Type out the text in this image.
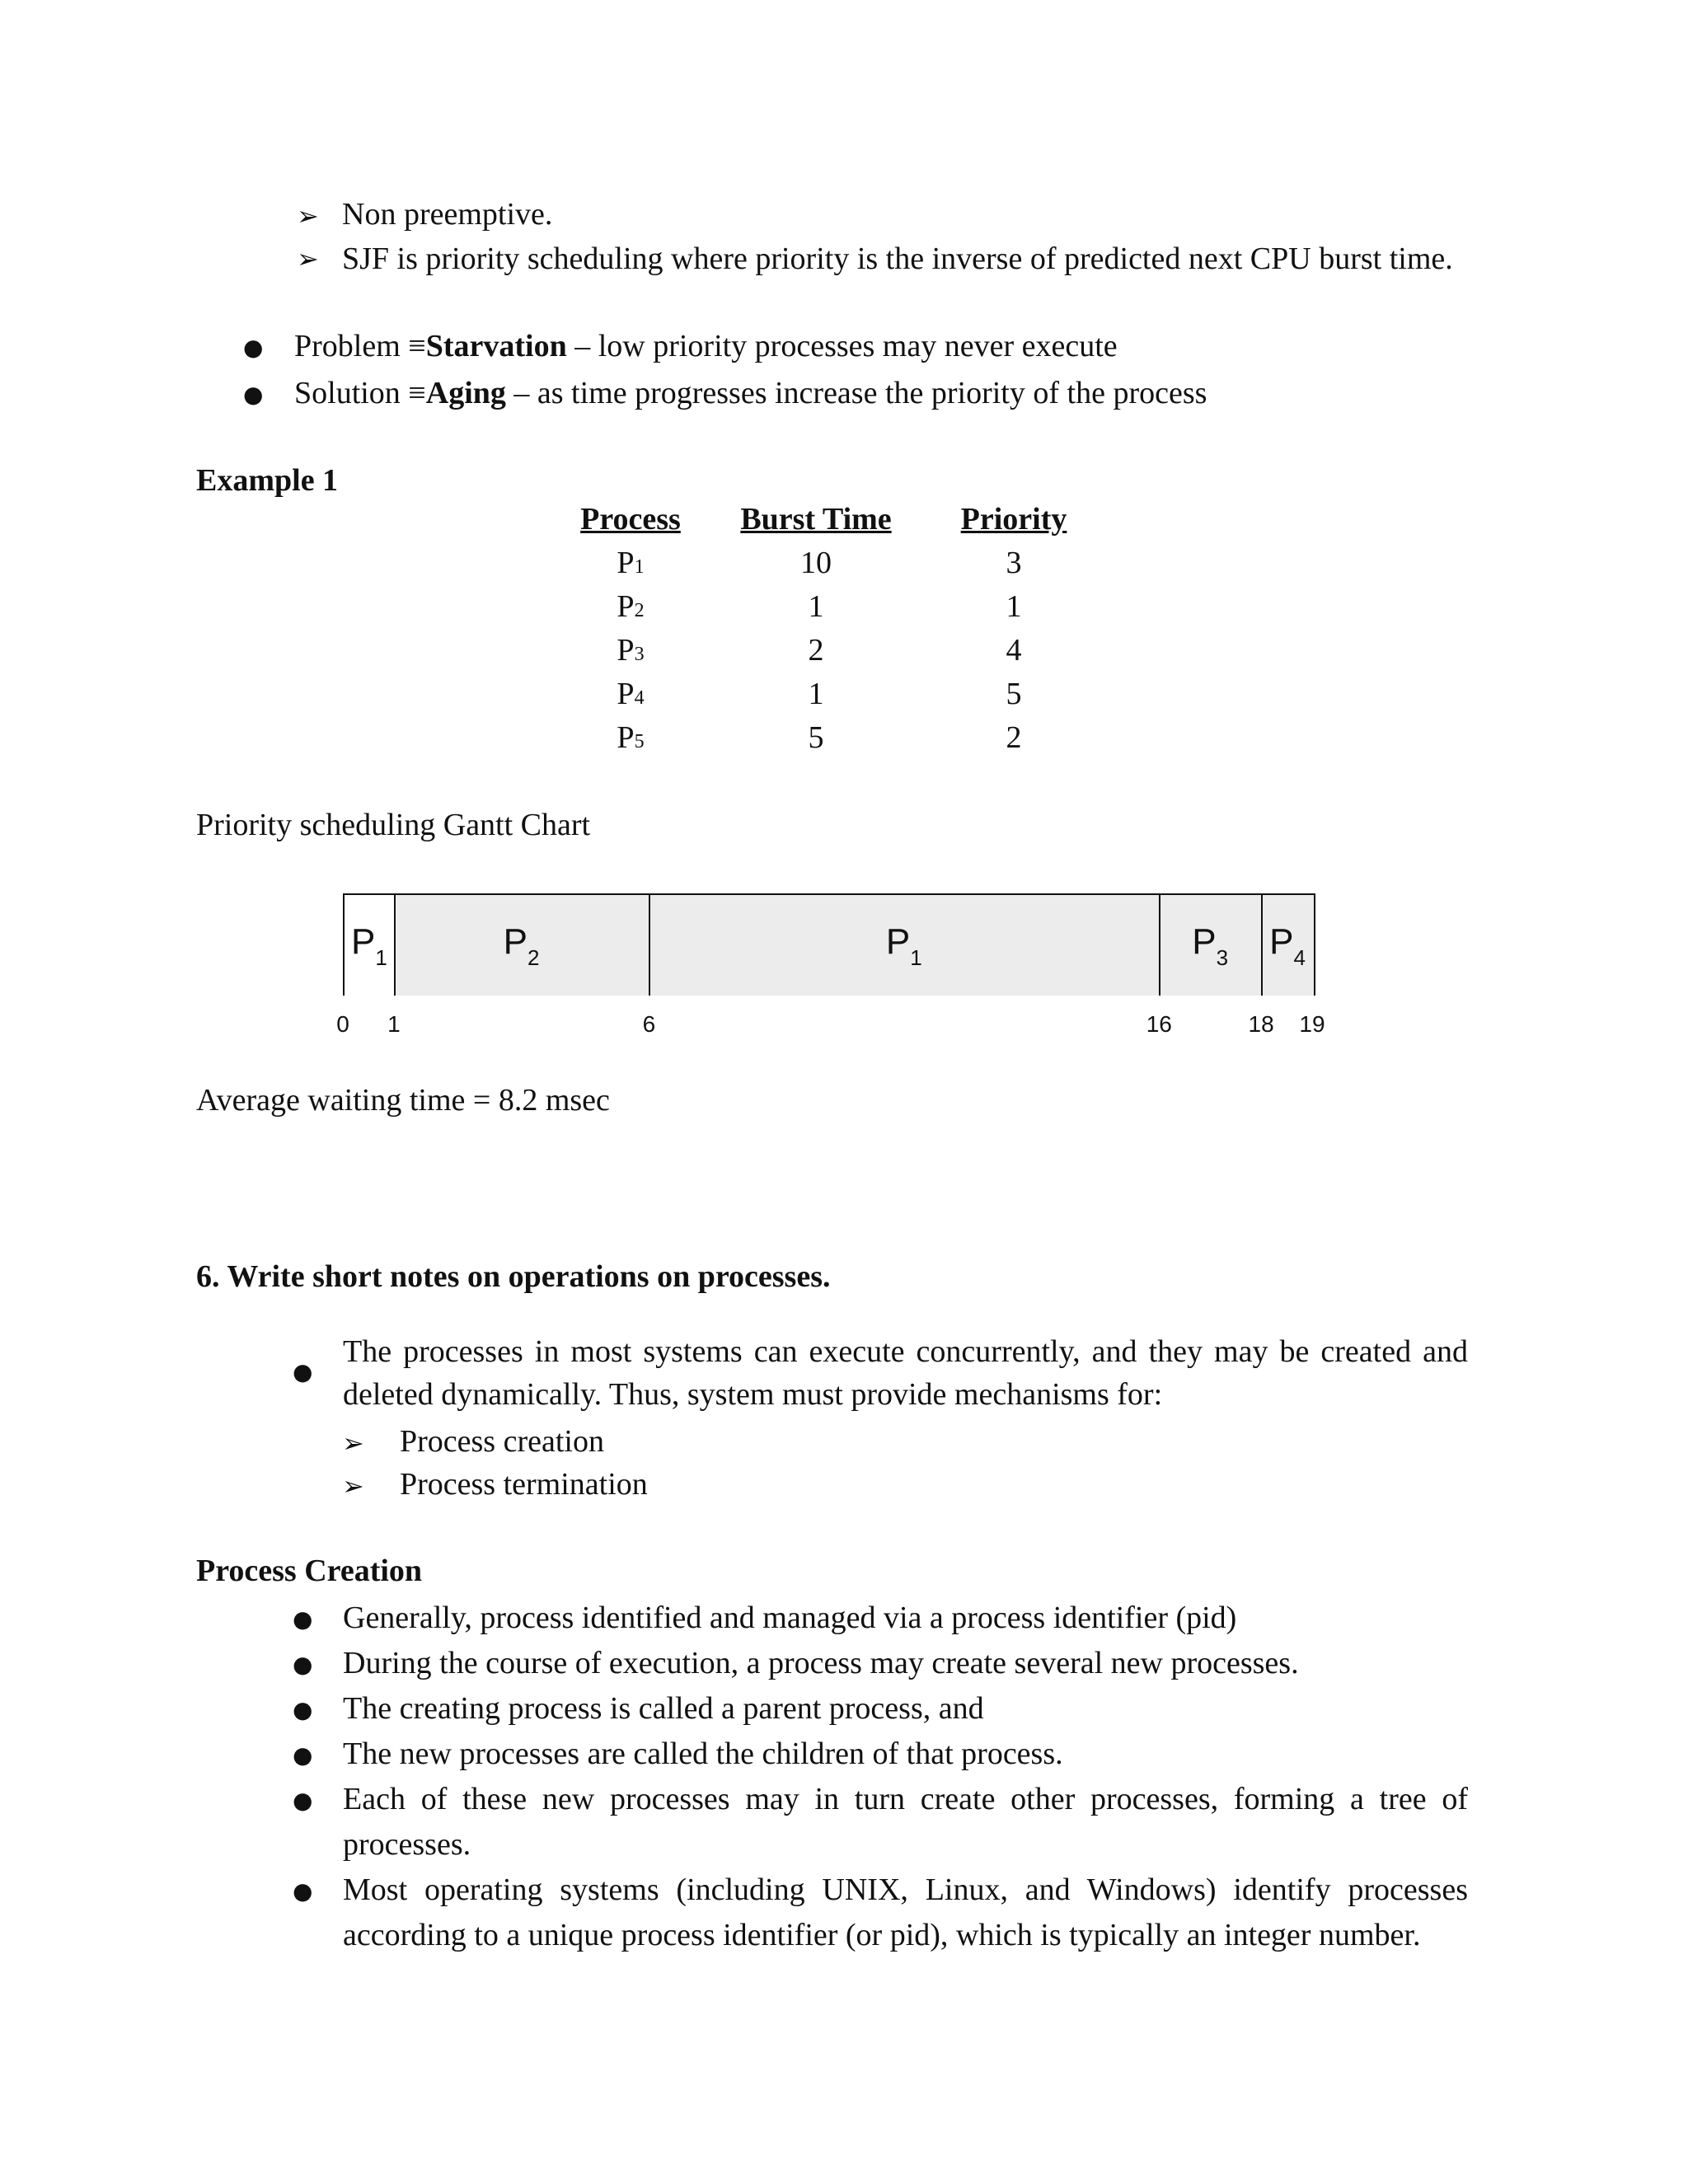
➢ Non preemptive.
➢ SJF is priority scheduling where priority is the inverse of predicted next CPU burst time.
● Problem ≡Starvation – low priority processes may never execute
● Solution ≡Aging – as time progresses increase the priority of the process
Example 1
Process	Burst Time	Priority
P1	10	3
P2	1	1
P3	2	4
P4	1	5
P5	5	2
Priority scheduling Gantt Chart
$P_1$	$P_2$	$P_1$	$P_3$ $P_4$
0 1	6	16	18 19
Average waiting time = 8.2 msec
6. Write short notes on operations on processes.
●
The processes in most systems can execute concurrently, and they may be created and deleted dynamically. Thus, system must provide mechanisms for:
➢ Process creation
➢ Process termination
Process Creation
● Generally, process identified and managed via a process identifier (pid)
● During the course of execution, a process may create several new processes.
● The creating process is called a parent process, and
● The new processes are called the children of that process.
● Each of these new processes may in turn create other processes, forming a tree of processes.
● Most operating systems (including UNIX, Linux, and Windows) identify processes according to a unique process identifier (or pid), which is typically an integer number.
